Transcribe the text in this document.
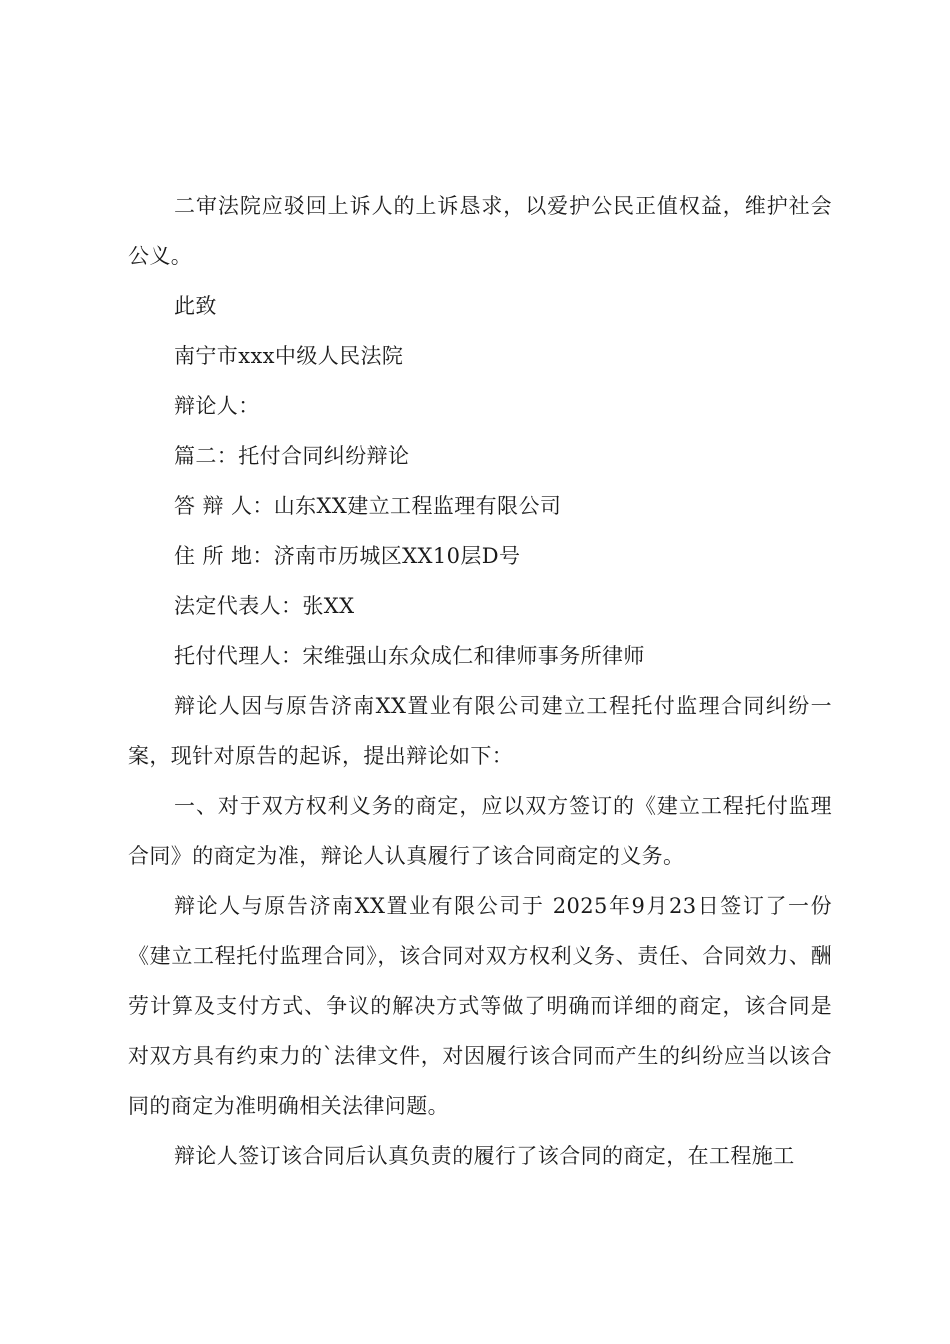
二审法院应驳回上诉人的上诉恳求，以爱护公民正值权益，维护社会公义。

此致

南宁市xxx中级人民法院

辩论人：

篇二：托付合同纠纷辩论

答 辩 人：山东XX建立工程监理有限公司

住 所 地：济南市历城区XX10层D号

法定代表人：张XX

托付代理人：宋维强山东众成仁和律师事务所律师

辩论人因与原告济南XX置业有限公司建立工程托付监理合同纠纷一案，现针对原告的起诉，提出辩论如下：

一、对于双方权利义务的商定，应以双方签订的《建立工程托付监理合同》的商定为准，辩论人认真履行了该合同商定的义务。

辩论人与原告济南XX置业有限公司于 2025年9月23日签订了一份《建立工程托付监理合同》，该合同对双方权利义务、责任、合同效力、酬劳计算及支付方式、争议的解决方式等做了明确而详细的商定，该合同是对双方具有约束力的`法律文件，对因履行该合同而产生的纠纷应当以该合同的商定为准明确相关法律问题。

辩论人签订该合同后认真负责的履行了该合同的商定，在工程施工
